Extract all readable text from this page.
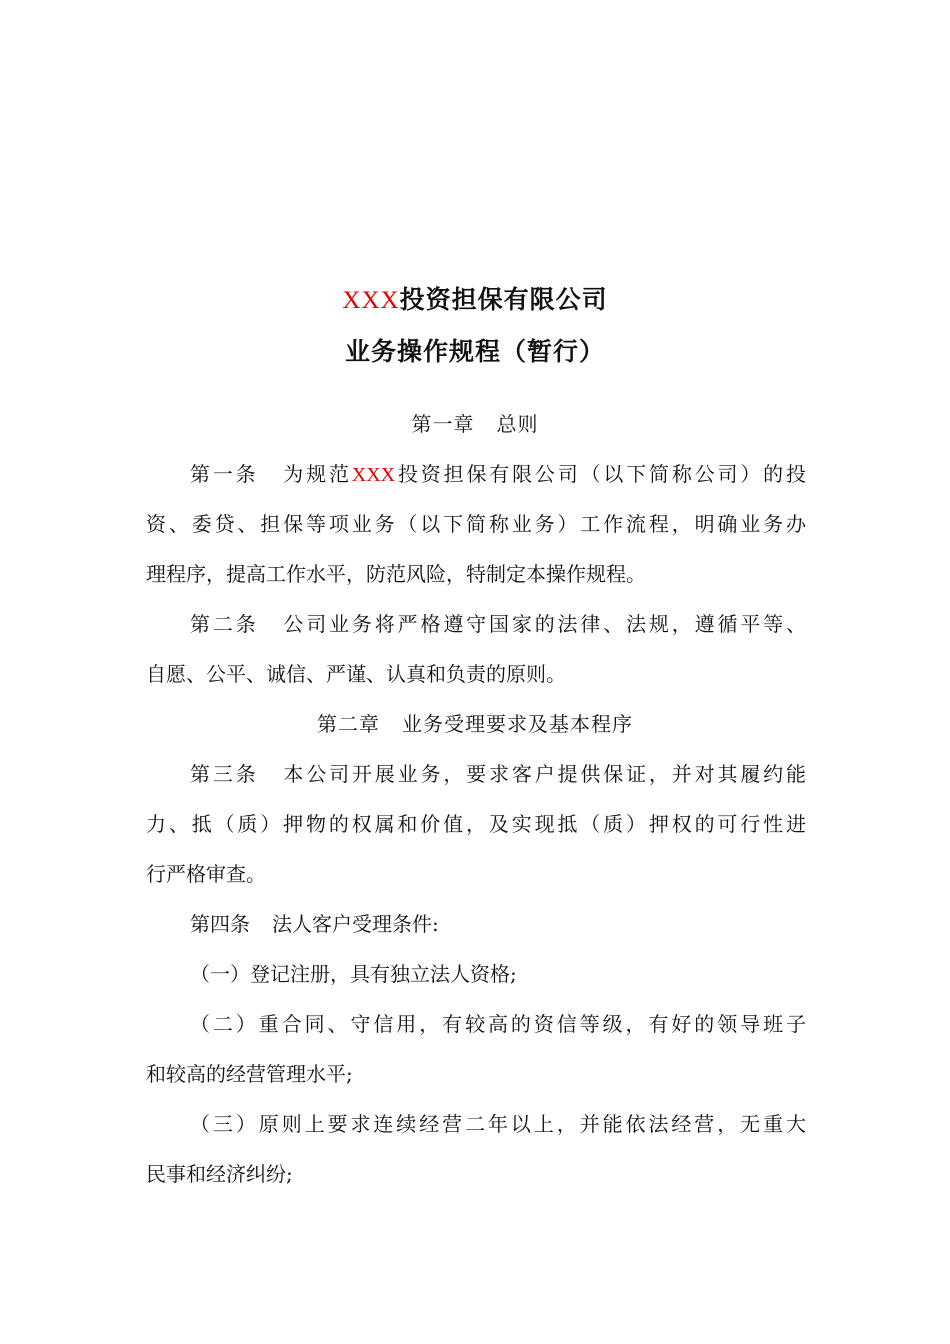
XXX投资担保有限公司
业务操作规程（暂行）
第一章 总则
第一条 为规范XXX投资担保有限公司（以下简称公司）的投
资、委贷、担保等项业务（以下简称业务）工作流程，明确业务办
理程序，提高工作水平，防范风险，特制定本操作规程。
第二条 公司业务将严格遵守国家的法律、法规，遵循平等、
自愿、公平、诚信、严谨、认真和负责的原则。
第二章 业务受理要求及基本程序
第三条 本公司开展业务，要求客户提供保证，并对其履约能
力、抵（质）押物的权属和价值，及实现抵（质）押权的可行性进
行严格审查。
第四条 法人客户受理条件:
（一）登记注册，具有独立法人资格;
（二）重合同、守信用，有较高的资信等级，有好的领导班子
和较高的经营管理水平;
（三）原则上要求连续经营二年以上，并能依法经营，无重大
民事和经济纠纷;
